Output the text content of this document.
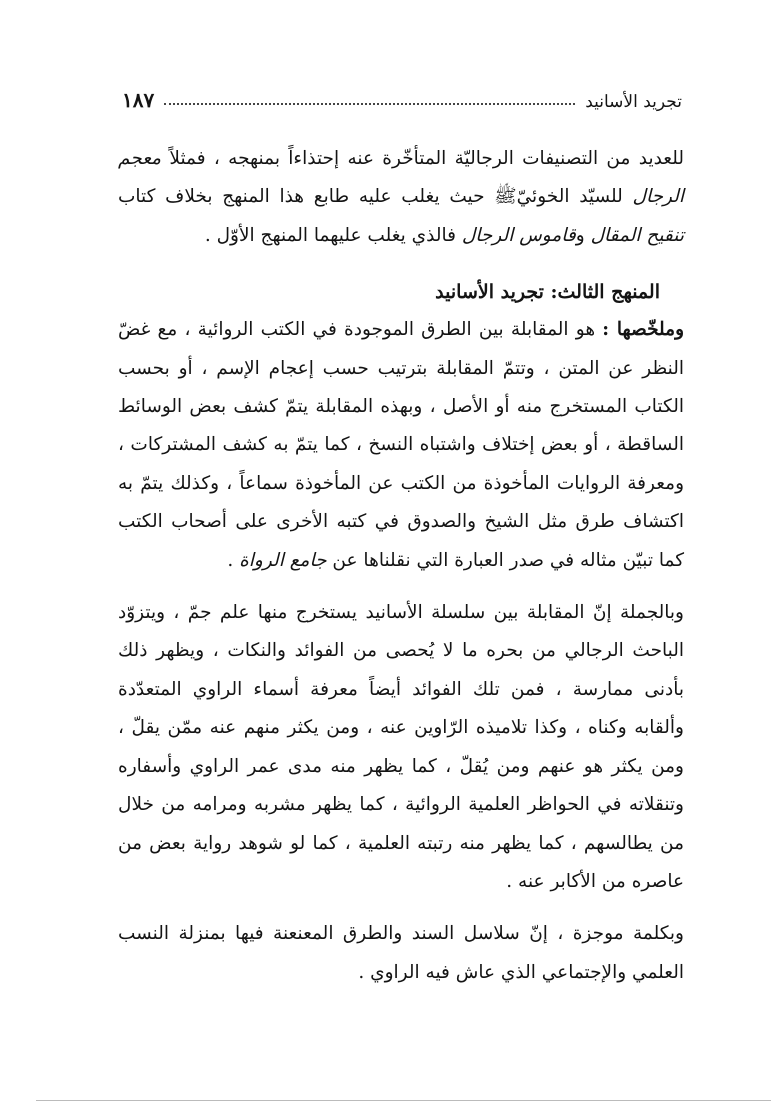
تجريد الأسانيد
١٨٧

للعديد من التصنيفات الرجاليّة المتأخّرة عنه إحتذاءاً بمنهجه ، فمثلاً معجم الرجال للسيّد الخوئيّﷺ حيث يغلب عليه طابع هذا المنهج بخلاف كتاب تنقيح المقال وقاموس الرجال فالذي يغلب عليهما المنهج الأوّل .

المنهج الثالث: تجريد الأسانيد

وملخّصها : هو المقابلة بين الطرق الموجودة في الكتب الروائية ، مع غضّ النظر عن المتن ، وتتمّ المقابلة بترتيب حسب إعجام الإسم ، أو بحسب الكتاب المستخرج منه أو الأصل ، وبهذه المقابلة يتمّ كشف بعض الوسائط الساقطة ، أو بعض إختلاف واشتباه النسخ ، كما يتمّ به كشف المشتركات ، ومعرفة الروايات المأخوذة من الكتب عن المأخوذة سماعاً ، وكذلك يتمّ به اكتشاف طرق مثل الشيخ والصدوق في كتبه الأخرى على أصحاب الكتب كما تبيّن مثاله في صدر العبارة التي نقلناها عن جامع الرواة .

وبالجملة إنّ المقابلة بين سلسلة الأسانيد يستخرج منها علم جمّ ، ويتزوّد الباحث الرجالي من بحره ما لا يُحصى من الفوائد والنكات ، ويظهر ذلك بأدنى ممارسة ، فمن تلك الفوائد أيضاً معرفة أسماء الراوي المتعدّدة وألقابه وكناه ، وكذا تلاميذه الرّاوين عنه ، ومن يكثر منهم عنه ممّن يقلّ ، ومن يكثر هو عنهم ومن يُقلّ ، كما يظهر منه مدى عمر الراوي وأسفاره وتنقلاته في الحواظر العلمية الروائية ، كما يظهر مشربه ومرامه من خلال من يطالسهم ، كما يظهر منه رتبته العلمية ، كما لو شوهد رواية بعض من عاصره من الأكابر عنه .

وبكلمة موجزة ، إنّ سلاسل السند والطرق المعنعنة فيها بمنزلة النسب العلمي والإجتماعي الذي عاش فيه الراوي .
